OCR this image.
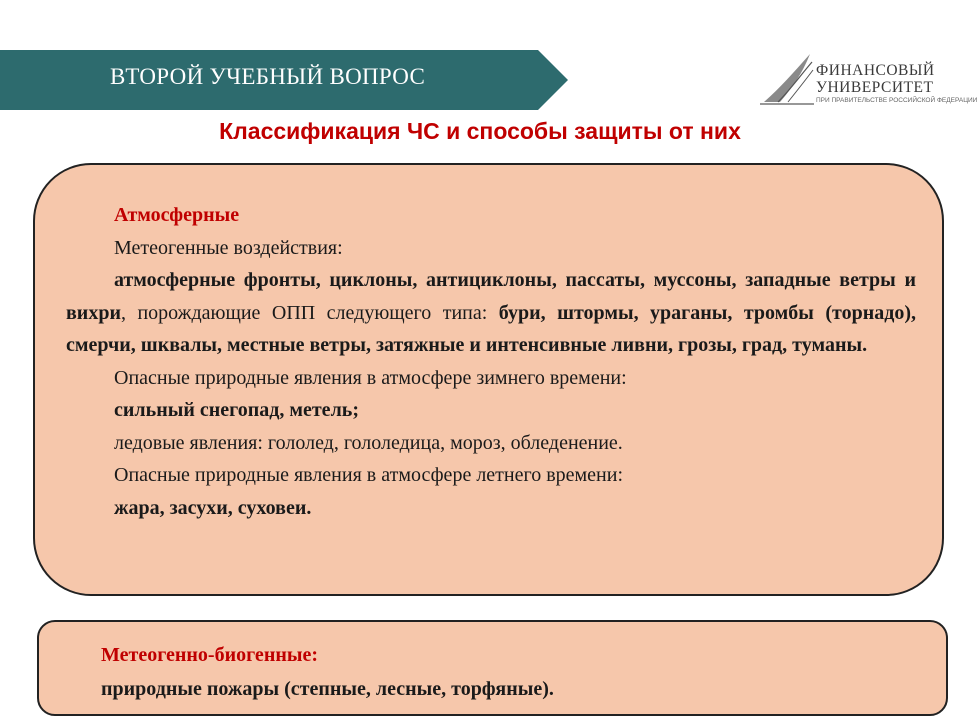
ВТОРОЙ УЧЕБНЫЙ ВОПРОС	ФИНАНСОВЫЙ
УНИВЕРСИТЕТ
ПРИ ПРАВИТЕЛЬСТВЕ РОССИЙСКОЙ ФЕДЕРАЦИИ
Классификация ЧС и способы защиты от них

Атмосферные

Метеогенные воздействия:

атмосферные фронты, циклоны, антициклоны, пассаты, муссоны, западные ветры и вихри, порождающие ОПП следующего типа: бури, штормы, ураганы, тромбы (торнадо), смерчи, шквалы, местные ветры, затяжные и интенсивные ливни, грозы, град, туманы.

Опасные природные явления в атмосфере зимнего времени:

сильный снегопад, метель;

ледовые явления: гололед, гололедица, мороз, обледенение.

Опасные природные явления в атмосфере летнего времени:

жара, засухи, суховеи.

Метеогенно-биогенные:

природные пожары (степные, лесные, торфяные).
